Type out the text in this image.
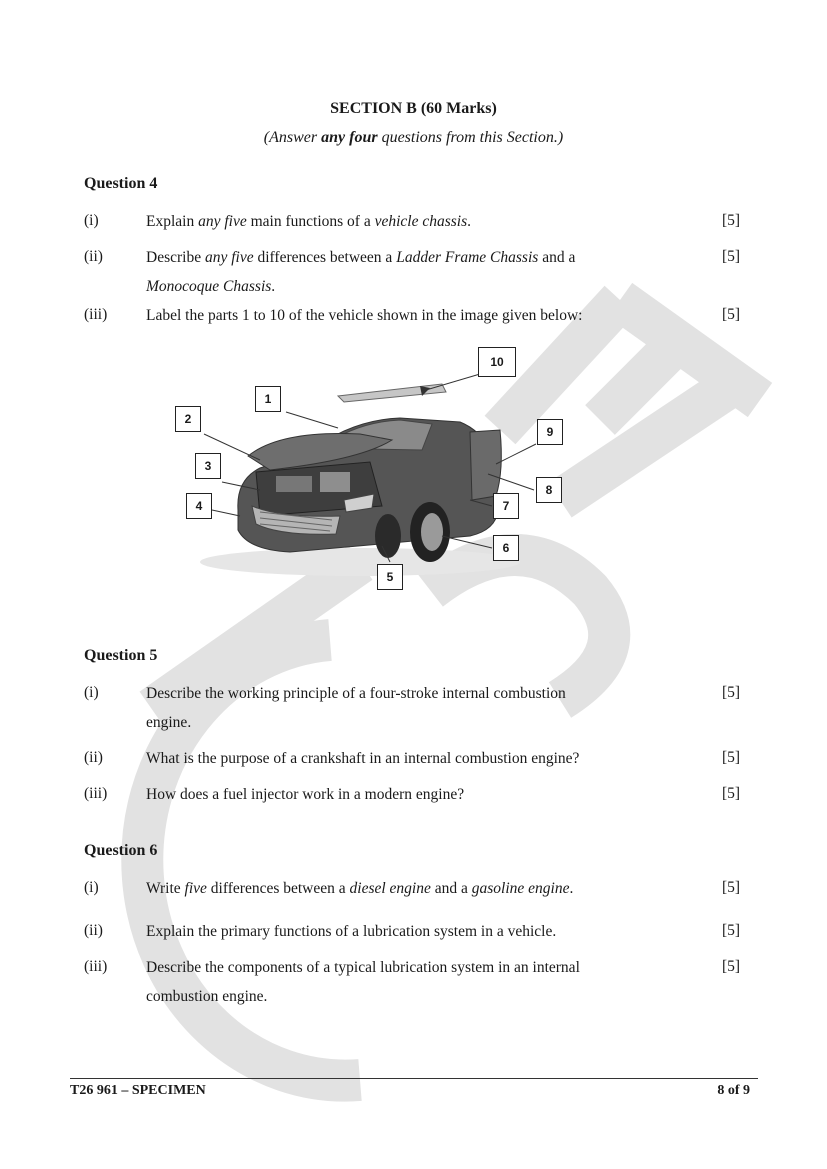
SECTION B (60 Marks)
(Answer any four questions from this Section.)
Question 4
(i)	Explain any five main functions of a vehicle chassis.	[5]
(ii)	Describe any five differences between a Ladder Frame Chassis and a Monocoque Chassis.
[5]
(iii)	Label the parts 1 to 10 of the vehicle shown in the image given below:	[5]
1
2
3
4
5
6
7
8
9
10
Question 5
(i)	Describe the working principle of a four-stroke internal combustion engine.
[5]
(ii)	What is the purpose of a crankshaft in an internal combustion engine?	[5]
(iii)	How does a fuel injector work in a modern engine?	[5]
Question 6
(i)	Write five differences between a diesel engine and a gasoline engine.	[5]
(ii)	Explain the primary functions of a lubrication system in a vehicle.	[5]
(iii)	Describe the components of a typical lubrication system in an internal combustion engine.
[5]
T26 961 – SPECIMEN	8 of 9
